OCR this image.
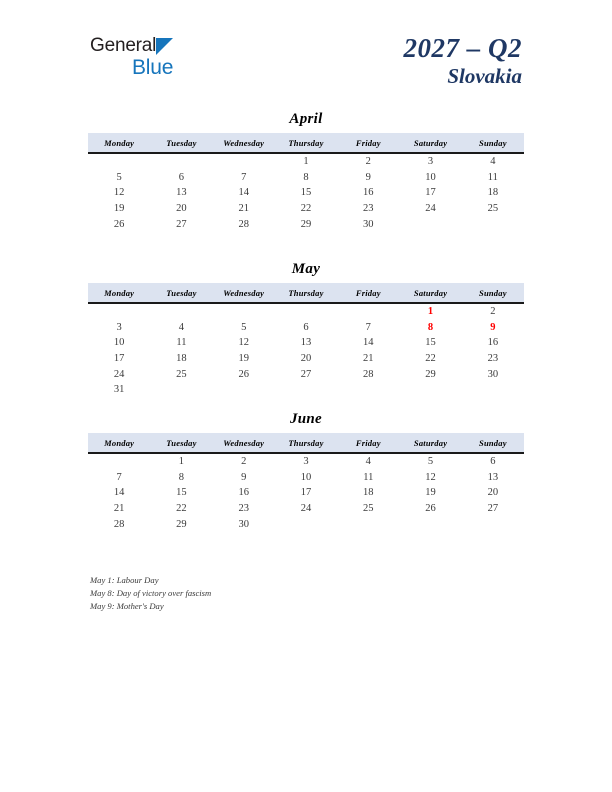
General
Blue
2027 – Q2
Slovakia
April
Monday	Tuesday	Wednesday	Thursday	Friday	Saturday	Sunday
			1	2	3	4
5	6	7	8	9	10	11
12	13	14	15	16	17	18
19	20	21	22	23	24	25
26	27	28	29	30		
May
Monday	Tuesday	Wednesday	Thursday	Friday	Saturday	Sunday
					1	2
3	4	5	6	7	8	9
10	11	12	13	14	15	16
17	18	19	20	21	22	23
24	25	26	27	28	29	30
31						
June
Monday	Tuesday	Wednesday	Thursday	Friday	Saturday	Sunday
	1	2	3	4	5	6
7	8	9	10	11	12	13
14	15	16	17	18	19	20
21	22	23	24	25	26	27
28	29	30				
May 1: Labour Day
May 8: Day of victory over fascism
May 9: Mother's Day
